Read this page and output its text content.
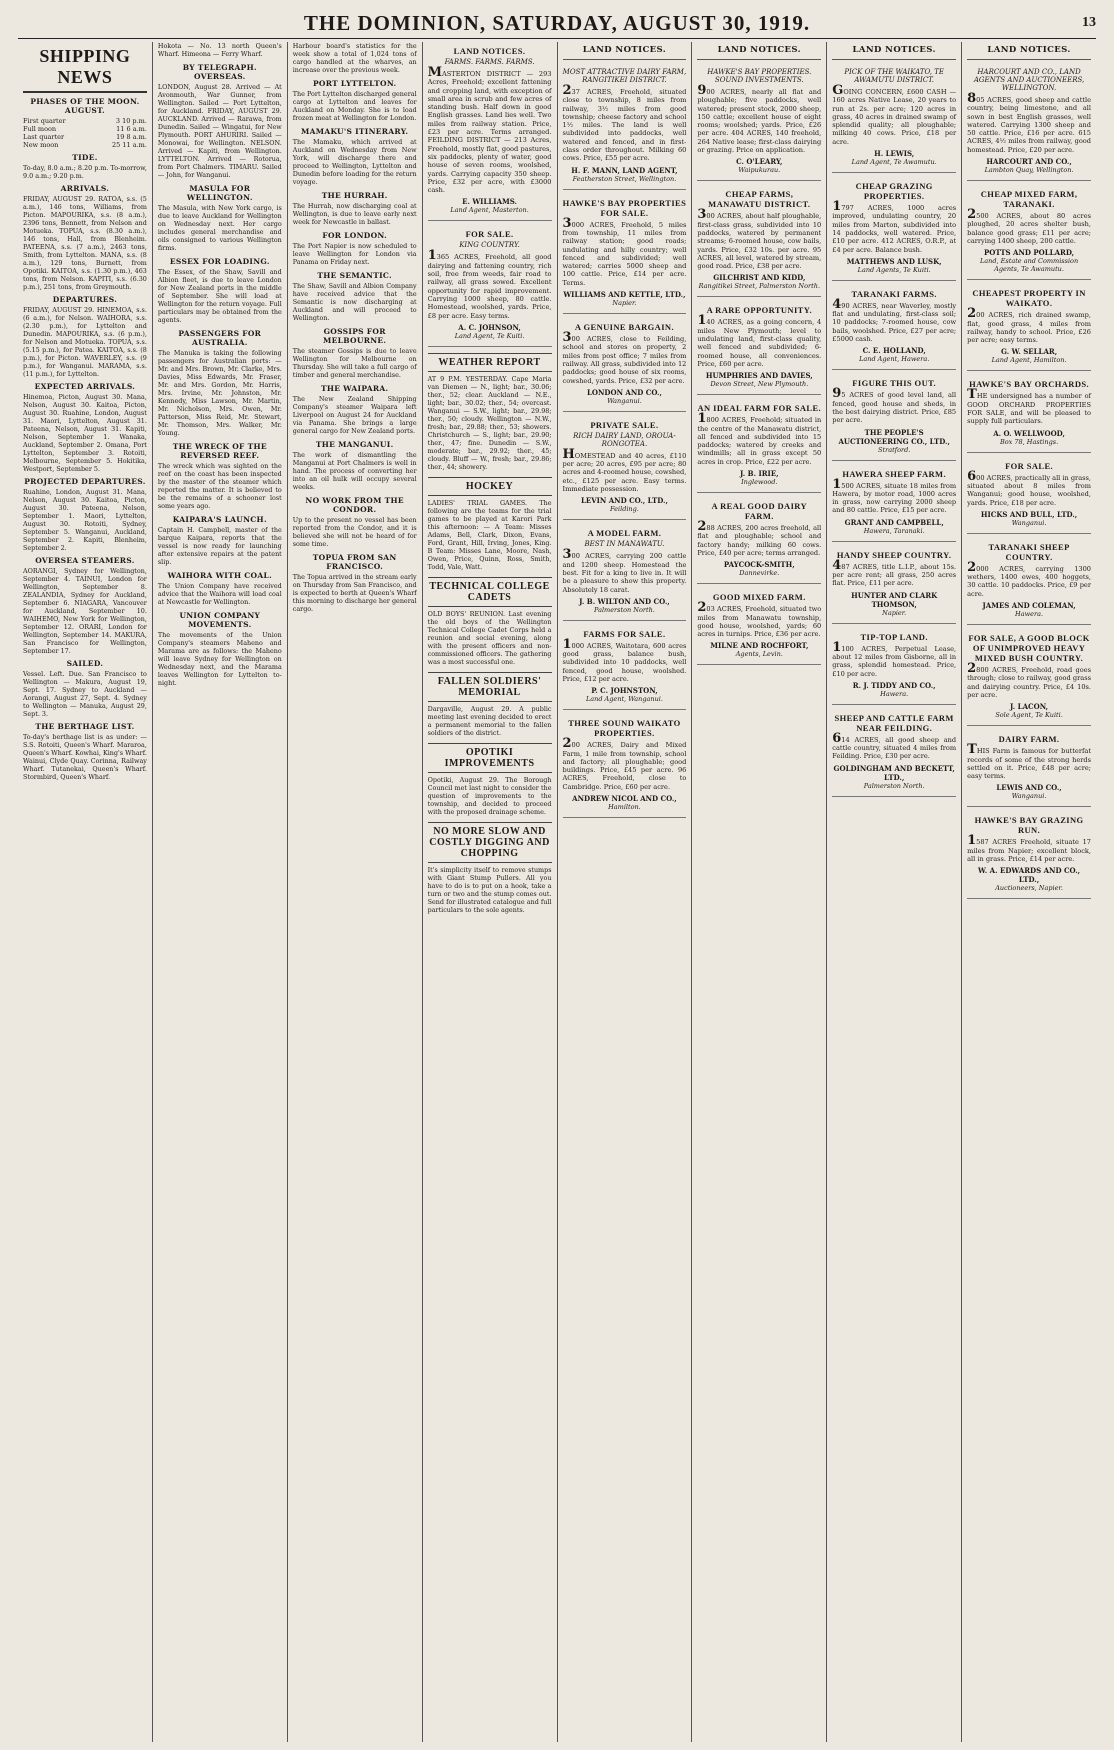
THE DOMINION, SATURDAY, AUGUST 30, 1919.	13
SHIPPING NEWS
PHASES OF THE MOON. AUGUST.
First quarter	3 10 p.m.
Full moon	11 6 a.m.
Last quarter	19 8 a.m.
New moon	25 11 a.m.
TIDE.
To-day, 8.0 a.m.; 8.20 p.m. To-morrow, 9.0 a.m.; 9.20 p.m.
ARRIVALS.
FRIDAY, AUGUST 29. RATOA, s.s. (5 a.m.), 146 tons, Williams, from Picton. MAPOURIKA, s.s. (8 a.m.), 2396 tons, Bennett, from Nelson and Motueka. TOPUA, s.s. (8.30 a.m.), 146 tons, Hall, from Blenheim. PATEENA, s.s. (7 a.m.), 2463 tons, Smith, from Lyttelton. MANA, s.s. (8 a.m.), 129 tons, Burnett, from Opotiki. KAITOA, s.s. (1.30 p.m.), 463 tons, from Nelson. KAPITI, s.s. (6.30 p.m.), 251 tons, from Greymouth.
DEPARTURES.
FRIDAY, AUGUST 29. HINEMOA, s.s. (6 a.m.), for Nelson. WAIHORA, s.s. (2.30 p.m.), for Lyttelton and Dunedin. MAPOURIKA, s.s. (6 p.m.), for Nelson and Motueka. TOPUA, s.s. (5.15 p.m.), for Patea. KAITOA, s.s. (8 p.m.), for Picton. WAVERLEY, s.s. (9 p.m.), for Wanganui. MARAMA, s.s. (11 p.m.), for Lyttelton.
EXPECTED ARRIVALS.
Hinemoa, Picton, August 30. Mana, Nelson, August 30. Kaitoa, Picton, August 30. Ruahine, London, August 31. Maori, Lyttelton, August 31. Pateena, Nelson, August 31. Kapiti, Nelson, September 1. Wanaka, Auckland, September 2. Omana, Port Lyttelton, September 3. Rotoiti, Melbourne, September 5. Hokitika, Westport, September 5.
PROJECTED DEPARTURES.
Ruahine, London, August 31. Mana, Nelson, August 30. Kaitoa, Picton, August 30. Pateena, Nelson, September 1. Maori, Lyttelton, August 30. Rotoiti, Sydney, September 5. Wanganui, Auckland, September 2. Kapiti, Blenheim, September 2.
OVERSEA STEAMERS.
AORANGI, Sydney for Wellington, September 4. TAINUI, London for Wellington, September 8. ZEALANDIA, Sydney for Auckland, September 6. NIAGARA, Vancouver for Auckland, September 10. WAIHEMO, New York for Wellington, September 12. ORARI, London for Wellington, September 14. MAKURA, San Francisco for Wellington, September 17.
SAILED.
Vessel. Left. Due. San Francisco to Wellington — Makura, August 19, Sept. 17. Sydney to Auckland — Aorangi, August 27, Sept. 4. Sydney to Wellington — Manuka, August 29, Sept. 3.
THE BERTHAGE LIST.
To-day's berthage list is as under: — S.S. Rotoiti, Queen's Wharf. Mararoa, Queen's Wharf. Kowhai, King's Wharf. Wainui, Clyde Quay. Corinna, Railway Wharf. Tutanekai, Queen's Wharf. Stormbird, Queen's Wharf.
Hokota — No. 13 north Queen's Wharf. Himeona — Ferry Wharf.
BY TELEGRAPH. OVERSEAS.
LONDON, August 28. Arrived — At Avonmouth, War Gunner, from Wellington. Sailed — Port Lyttelton, for Auckland. FRIDAY, AUGUST 29. AUCKLAND. Arrived — Rarawa, from Dunedin. Sailed — Wingatui, for New Plymouth. PORT AHURIRI. Sailed — Monowai, for Wellington. NELSON. Arrived — Kapiti, from Wellington. LYTTELTON. Arrived — Rotorua, from Port Chalmers. TIMARU. Sailed — John, for Wanganui.
MASULA FOR WELLINGTON.
The Masula, with New York cargo, is due to leave Auckland for Wellington on Wednesday next. Her cargo includes general merchandise and oils consigned to various Wellington firms.
ESSEX FOR LOADING.
The Essex, of the Shaw, Savill and Albion fleet, is due to leave London for New Zealand ports in the middle of September. She will load at Wellington for the return voyage. Full particulars may be obtained from the agents.
PASSENGERS FOR AUSTRALIA.
The Manuka is taking the following passengers for Australian ports: — Mr. and Mrs. Brown, Mr. Clarke, Mrs. Davies, Miss Edwards, Mr. Fraser, Mr. and Mrs. Gordon, Mr. Harris, Mrs. Irvine, Mr. Johnston, Mr. Kennedy, Miss Lawson, Mr. Martin, Mr. Nicholson, Mrs. Owen, Mr. Patterson, Miss Reid, Mr. Stewart, Mr. Thomson, Mrs. Walker, Mr. Young.
THE WRECK OF THE REVERSED REEF.
The wreck which was sighted on the reef on the coast has been inspected by the master of the steamer which reported the matter. It is believed to be the remains of a schooner lost some years ago.
KAIPARA'S LAUNCH.
Captain H. Campbell, master of the barque Kaipara, reports that the vessel is now ready for launching after extensive repairs at the patent slip.
WAIHORA WITH COAL.
The Union Company have received advice that the Waihora will load coal at Newcastle for Wellington.
UNION COMPANY MOVEMENTS.
The movements of the Union Company's steamers Maheno and Marama are as follows: the Maheno will leave Sydney for Wellington on Wednesday next, and the Marama leaves Wellington for Lyttelton to-night.
Harbour board's statistics for the week show a total of 1,024 tons of cargo handled at the wharves, an increase over the previous week.
PORT LYTTELTON.
The Port Lyttelton discharged general cargo at Lyttelton and leaves for Auckland on Monday. She is to load frozen meat at Wellington for London.
MAMAKU'S ITINERARY.
The Mamaku, which arrived at Auckland on Wednesday from New York, will discharge there and proceed to Wellington, Lyttelton and Dunedin before loading for the return voyage.
THE HURRAH.
The Hurrah, now discharging coal at Wellington, is due to leave early next week for Newcastle in ballast.
FOR LONDON.
The Port Napier is now scheduled to leave Wellington for London via Panama on Friday next.
THE SEMANTIC.
The Shaw, Savill and Albion Company have received advice that the Semantic is now discharging at Auckland and will proceed to Wellington.
GOSSIPS FOR MELBOURNE.
The steamer Gossips is due to leave Wellington for Melbourne on Thursday. She will take a full cargo of timber and general merchandise.
THE WAIPARA.
The New Zealand Shipping Company's steamer Waipara left Liverpool on August 24 for Auckland via Panama. She brings a large general cargo for New Zealand ports.
THE MANGANUI.
The work of dismantling the Manganui at Port Chalmers is well in hand. The process of converting her into an oil hulk will occupy several weeks.
NO WORK FROM THE CONDOR.
Up to the present no vessel has been reported from the Condor, and it is believed she will not be heard of for some time.
TOPUA FROM SAN FRANCISCO.
The Topua arrived in the stream early on Thursday from San Francisco, and is expected to berth at Queen's Wharf this morning to discharge her general cargo.
LAND NOTICES.
FARMS. FARMS. FARMS.
MASTERTON DISTRICT — 293 Acres, Freehold; excellent fattening and cropping land, with exception of small area in scrub and few acres of standing bush. Half down in good English grasses. Land lies well. Two miles from railway station. Price, £23 per acre. Terms arranged. FEILDING DISTRICT — 213 Acres, Freehold, mostly flat, good pastures, six paddocks, plenty of water, good house of seven rooms, woolshed, yards. Carrying capacity 350 sheep. Price, £32 per acre, with £3000 cash.
E. WILLIAMS.
Land Agent, Masterton.
FOR SALE.
KING COUNTRY.
1365 ACRES, Freehold, all good dairying and fattening country, rich soil, free from weeds, fair road to railway, all grass sowed. Excellent opportunity for rapid improvement. Carrying 1000 sheep, 80 cattle. Homestead, woolshed, yards. Price, £8 per acre. Easy terms.
A. C. JOHNSON,
Land Agent, Te Kuiti.
WEATHER REPORT
AT 9 P.M. YESTERDAY. Cape Maria van Diemen — N., light; bar., 30.06; ther., 52; clear. Auckland — N.E., light; bar., 30.02; ther., 54; overcast. Wanganui — S.W., light; bar., 29.98; ther., 50; cloudy. Wellington — N.W., fresh; bar., 29.88; ther., 53; showers. Christchurch — S., light; bar., 29.90; ther., 47; fine. Dunedin — S.W., moderate; bar., 29.92; ther., 45; cloudy. Bluff — W., fresh; bar., 29.86; ther., 44; showery.
HOCKEY
LADIES' TRIAL GAMES. The following are the teams for the trial games to be played at Karori Park this afternoon: — A Team: Misses Adams, Bell, Clark, Dixon, Evans, Ford, Grant, Hill, Irving, Jones, King. B Team: Misses Lane, Moore, Nash, Owen, Price, Quinn, Ross, Smith, Todd, Vale, Watt.
TECHNICAL COLLEGE CADETS
OLD BOYS' REUNION. Last evening the old boys of the Wellington Technical College Cadet Corps held a reunion and social evening, along with the present officers and non-commissioned officers. The gathering was a most successful one.
FALLEN SOLDIERS' MEMORIAL
Dargaville, August 29. A public meeting last evening decided to erect a permanent memorial to the fallen soldiers of the district.
OPOTIKI IMPROVEMENTS
Opotiki, August 29. The Borough Council met last night to consider the question of improvements to the township, and decided to proceed with the proposed drainage scheme.
NO MORE SLOW AND COSTLY DIGGING AND CHOPPING
It's simplicity itself to remove stumps with Giant Stump Pullers. All you have to do is to put on a hook, take a turn or two and the stump comes out. Send for illustrated catalogue and full particulars to the sole agents.
LAND NOTICES.
MOST ATTRACTIVE DAIRY FARM, RANGITIKEI DISTRICT.
237 ACRES, Freehold, situated close to township, 8 miles from railway, 3½ miles from good township; cheese factory and school 1½ miles. The land is well subdivided into paddocks, well watered and fenced, and in first-class order throughout. Milking 60 cows. Price, £55 per acre.
H. F. MANN, LAND AGENT,
Featherston Street, Wellington.
HAWKE'S BAY PROPERTIES FOR SALE.
3000 ACRES, Freehold, 5 miles from township, 11 miles from railway station; good roads; undulating and hilly country; well fenced and subdivided; well watered; carries 5000 sheep and 100 cattle. Price, £14 per acre. Terms.
WILLIAMS AND KETTLE, LTD.,
Napier.
A GENUINE BARGAIN.
300 ACRES, close to Feilding, school and stores on property, 2 miles from post office; 7 miles from railway. All grass, subdivided into 12 paddocks; good house of six rooms, cowshed, yards. Price, £32 per acre.
LONDON AND CO.,
Wanganui.
PRIVATE SALE.
RICH DAIRY LAND, OROUA-RONGOTEA.
HOMESTEAD and 40 acres, £110 per acre; 20 acres, £95 per acre; 80 acres and 4-roomed house, cowshed, etc., £125 per acre. Easy terms. Immediate possession.
LEVIN AND CO., LTD.,
Feilding.
A MODEL FARM.
BEST IN MANAWATU.
300 ACRES, carrying 200 cattle and 1200 sheep. Homestead the best. Fit for a king to live in. It will be a pleasure to show this property. Absolutely 18 carat.
J. B. WILTON AND CO.,
Palmerston North.
FARMS FOR SALE.
1000 ACRES, Waitotara, 600 acres good grass, balance bush, subdivided into 10 paddocks, well fenced, good house, woolshed. Price, £12 per acre.
P. C. JOHNSTON,
Land Agent, Wanganui.
THREE SOUND WAIKATO PROPERTIES.
200 ACRES, Dairy and Mixed Farm, 1 mile from township, school and factory; all ploughable; good buildings. Price, £45 per acre. 96 ACRES, Freehold, close to Cambridge. Price, £60 per acre.
ANDREW NICOL AND CO.,
Hamilton.
LAND NOTICES.
HAWKE'S BAY PROPERTIES. SOUND INVESTMENTS.
900 ACRES, nearly all flat and ploughable; five paddocks, well watered; present stock, 2000 sheep, 150 cattle; excellent house of eight rooms; woolshed; yards. Price, £26 per acre. 404 ACRES, 140 freehold, 264 Native lease; first-class dairying or grazing. Price on application.
C. O'LEARY,
Waipukurau.
CHEAP FARMS, MANAWATU DISTRICT.
300 ACRES, about half ploughable, first-class grass, subdivided into 10 paddocks, watered by permanent streams; 6-roomed house, cow bails, yards. Price, £32 10s. per acre. 95 ACRES, all level, watered by stream, good road. Price, £38 per acre.
GILCHRIST AND KIDD,
Rangitikei Street, Palmerston North.
A RARE OPPORTUNITY.
140 ACRES, as a going concern, 4 miles New Plymouth; level to undulating land, first-class quality, well fenced and subdivided; 6-roomed house, all conveniences. Price, £60 per acre.
HUMPHRIES AND DAVIES,
Devon Street, New Plymouth.
AN IDEAL FARM FOR SALE.
1800 ACRES, Freehold; situated in the centre of the Manawatu district, all fenced and subdivided into 15 paddocks; watered by creeks and windmills; all in grass except 50 acres in crop. Price, £22 per acre.
J. B. IRIE,
Inglewood.
A REAL GOOD DAIRY FARM.
288 ACRES, 200 acres freehold, all flat and ploughable; school and factory handy; milking 60 cows. Price, £40 per acre; terms arranged.
PAYCOCK-SMITH,
Dannevirke.
GOOD MIXED FARM.
203 ACRES, Freehold, situated two miles from Manawatu township, good house, woolshed, yards; 60 acres in turnips. Price, £36 per acre.
MILNE AND ROCHFORT,
Agents, Levin.
LAND NOTICES.
PICK OF THE WAIKATO, TE AWAMUTU DISTRICT.
GOING CONCERN, £600 CASH — 160 acres Native Lease, 20 years to run at 2s. per acre; 120 acres in grass, 40 acres in drained swamp of splendid quality; all ploughable; milking 40 cows. Price, £18 per acre.
H. LEWIS,
Land Agent, Te Awamutu.
CHEAP GRAZING PROPERTIES.
1797 ACRES, 1000 acres improved, undulating country, 20 miles from Marton, subdivided into 14 paddocks, well watered. Price, £10 per acre. 412 ACRES, O.R.P., at £4 per acre. Balance bush.
MATTHEWS AND LUSK,
Land Agents, Te Kuiti.
TARANAKI FARMS.
490 ACRES, near Waverley, mostly flat and undulating, first-class soil; 10 paddocks; 7-roomed house, cow bails, woolshed. Price, £27 per acre; £5000 cash.
C. E. HOLLAND,
Land Agent, Hawera.
FIGURE THIS OUT.
95 ACRES of good level land, all fenced, good house and sheds, in the best dairying district. Price, £85 per acre.
THE PEOPLE'S AUCTIONEERING CO., LTD.,
Stratford.
HAWERA SHEEP FARM.
1500 ACRES, situate 18 miles from Hawera, by motor road, 1000 acres in grass, now carrying 2000 sheep and 80 cattle. Price, £15 per acre.
GRANT AND CAMPBELL,
Hawera, Taranaki.
HANDY SHEEP COUNTRY.
487 ACRES, title L.I.P., about 15s. per acre rent; all grass, 250 acres flat. Price, £11 per acre.
HUNTER AND CLARK THOMSON,
Napier.
TIP-TOP LAND.
1100 ACRES, Perpetual Lease, about 12 miles from Gisborne, all in grass, splendid homestead. Price, £10 per acre.
R. J. TIDDY AND CO.,
Hawera.
SHEEP AND CATTLE FARM NEAR FEILDING.
614 ACRES, all good sheep and cattle country, situated 4 miles from Feilding. Price, £30 per acre.
GOLDINGHAM AND BECKETT, LTD.,
Palmerston North.
LAND NOTICES.
HARCOURT AND CO., LAND AGENTS AND AUCTIONEERS, WELLINGTON.
805 ACRES, good sheep and cattle country, being limestone, and all sown in best English grasses, well watered. Carrying 1300 sheep and 50 cattle. Price, £16 per acre. 615 ACRES, 4½ miles from railway, good homestead. Price, £20 per acre.
HARCOURT AND CO.,
Lambton Quay, Wellington.
CHEAP MIXED FARM, TARANAKI.
2500 ACRES, about 80 acres ploughed, 20 acres shelter bush, balance good grass; £11 per acre; carrying 1400 sheep, 200 cattle.
POTTS AND POLLARD,
Land, Estate and Commission Agents, Te Awamutu.
CHEAPEST PROPERTY IN WAIKATO.
200 ACRES, rich drained swamp, flat, good grass, 4 miles from railway, handy to school. Price, £26 per acre; easy terms.
G. W. SELLAR,
Land Agent, Hamilton.
HAWKE'S BAY ORCHARDS.
THE undersigned has a number of GOOD ORCHARD PROPERTIES FOR SALE, and will be pleased to supply full particulars.
A. O. WELLWOOD,
Box 78, Hastings.
FOR SALE.
600 ACRES, practically all in grass, situated about 8 miles from Wanganui; good house, woolshed, yards. Price, £18 per acre.
HICKS AND BULL, LTD.,
Wanganui.
TARANAKI SHEEP COUNTRY.
2000 ACRES, carrying 1300 wethers, 1400 ewes, 400 hoggets, 30 cattle. 10 paddocks. Price, £9 per acre.
JAMES AND COLEMAN,
Hawera.
FOR SALE, A GOOD BLOCK OF UNIMPROVED HEAVY MIXED BUSH COUNTRY.
2800 ACRES, Freehold, road goes through; close to railway, good grass and dairying country. Price, £4 10s. per acre.
J. LACON,
Sole Agent, Te Kuiti.
DAIRY FARM.
THIS Farm is famous for butterfat records of some of the strong herds settled on it. Price, £48 per acre; easy terms.
LEWIS AND CO.,
Wanganui.
HAWKE'S BAY GRAZING RUN.
1587 ACRES Freehold, situate 17 miles from Napier; excellent block, all in grass. Price, £14 per acre.
W. A. EDWARDS AND CO., LTD.,
Auctioneers, Napier.
